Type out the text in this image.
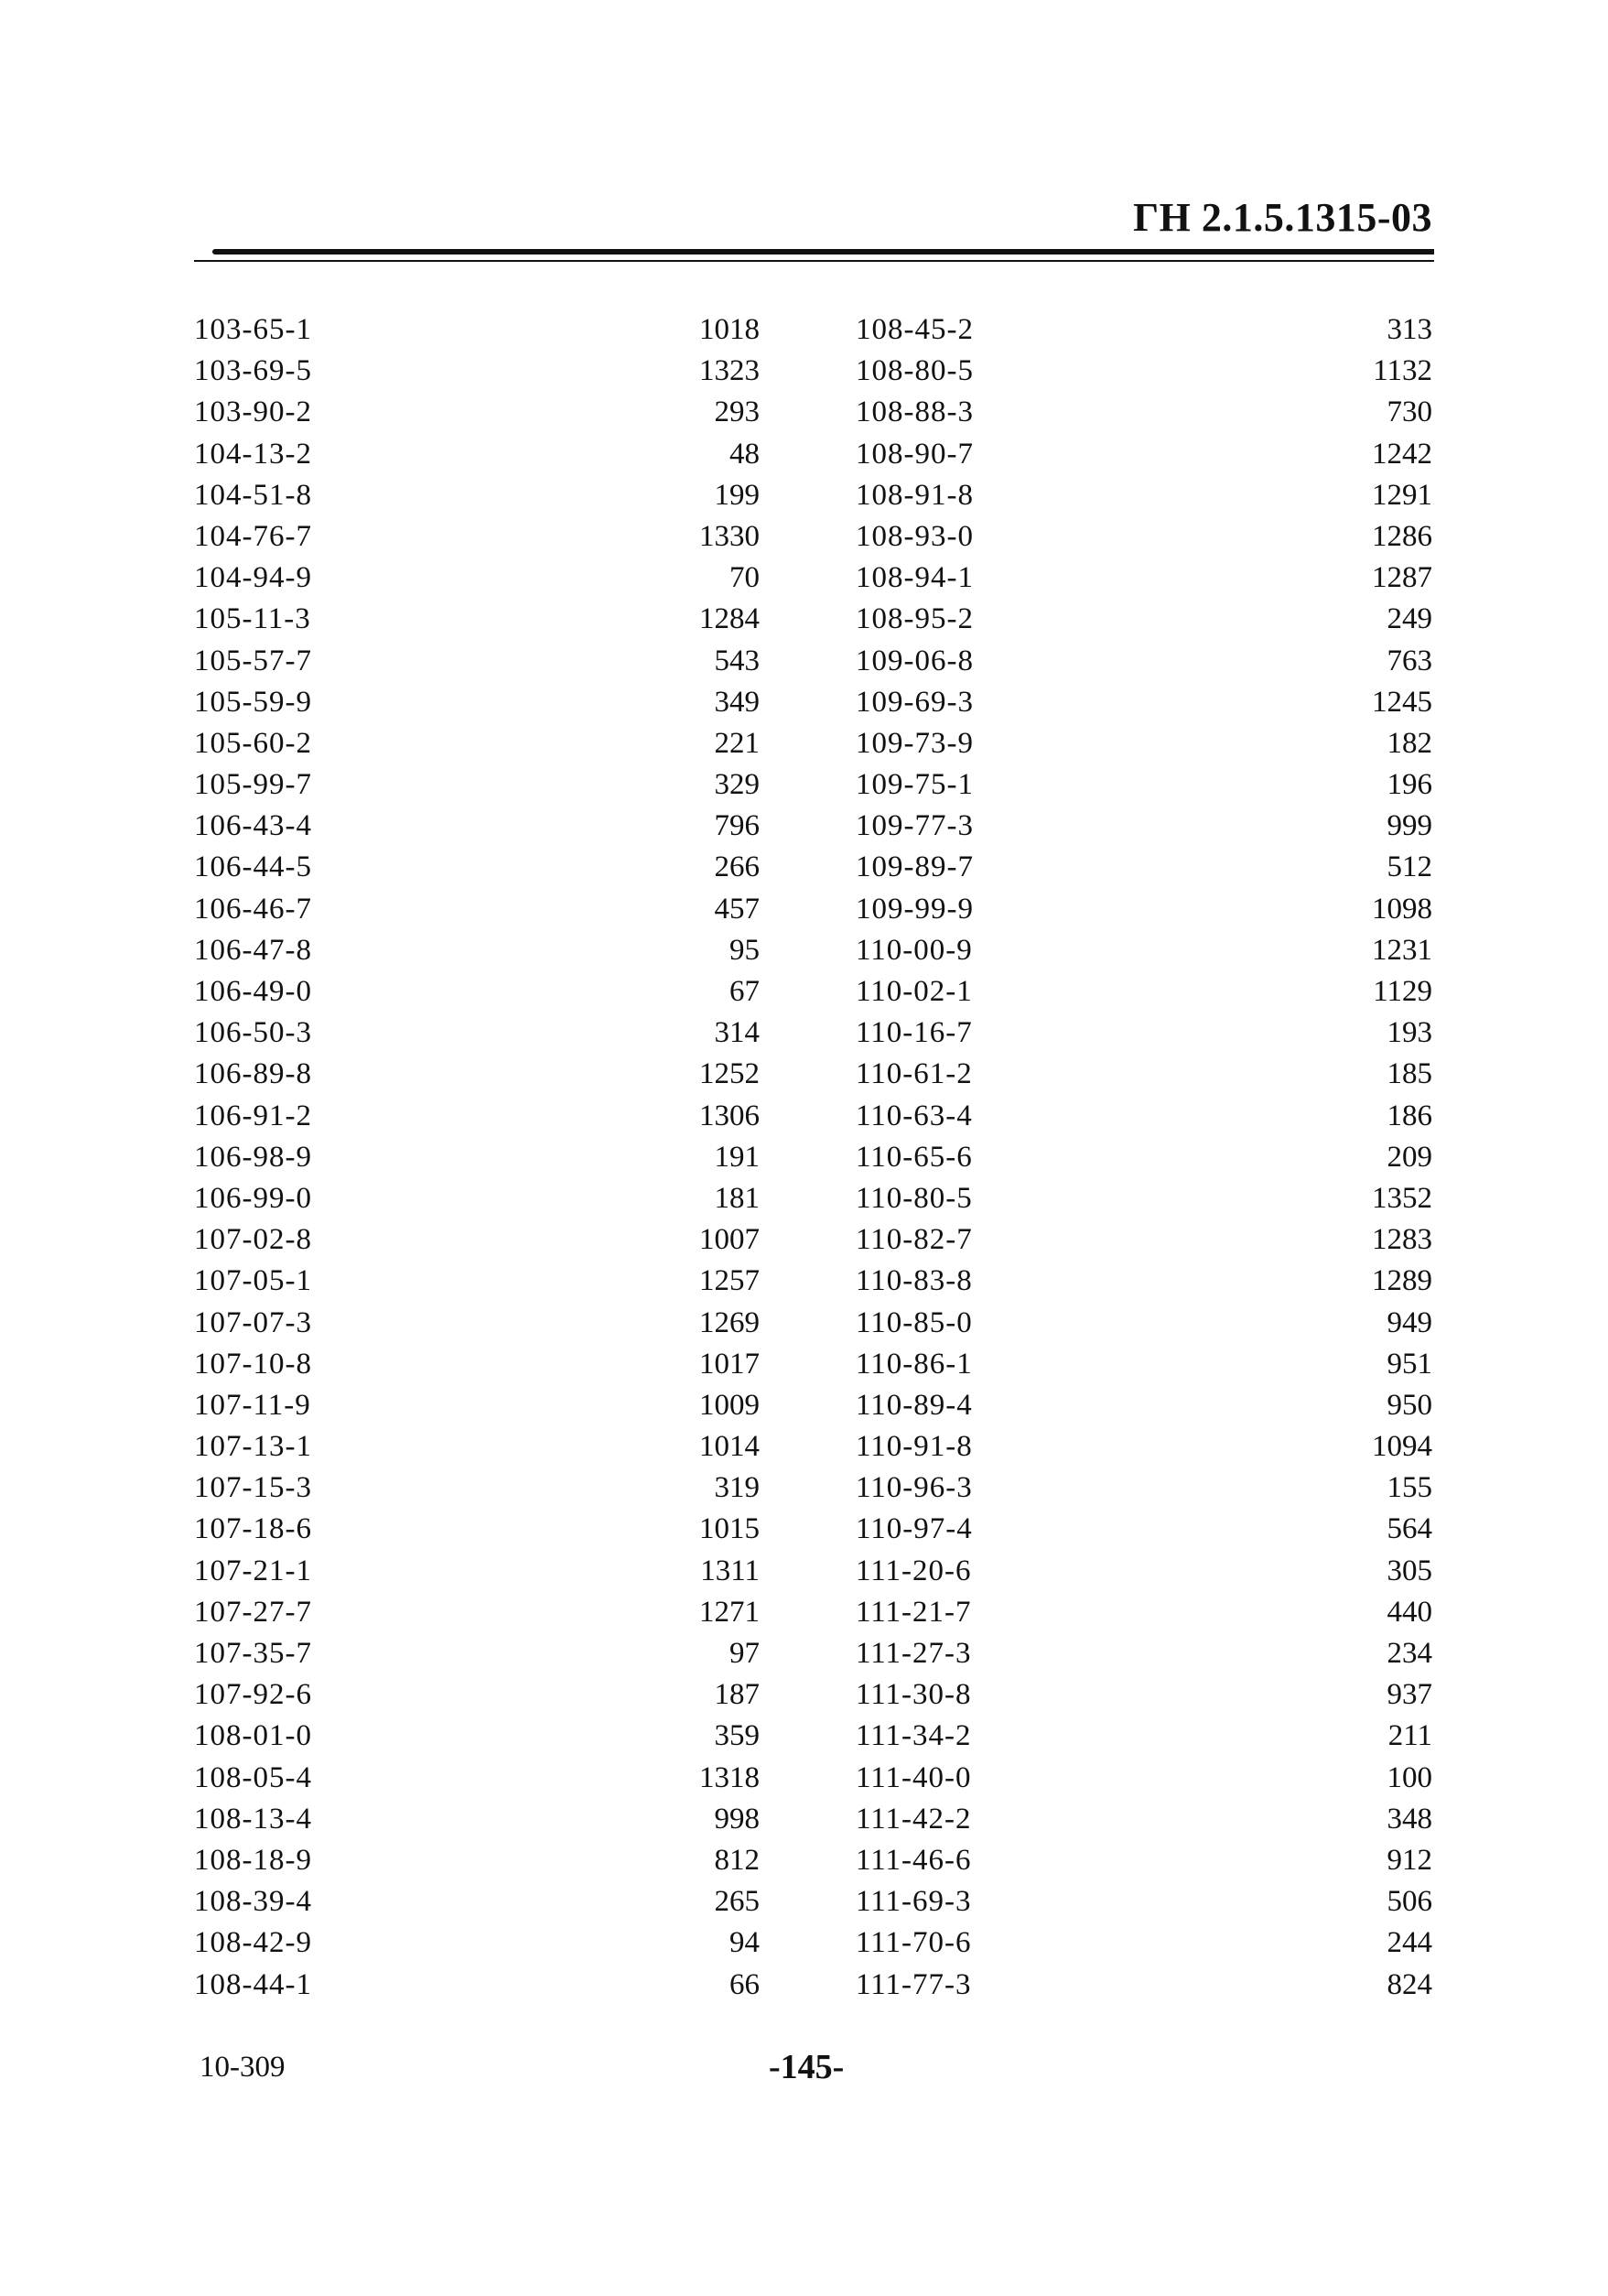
ГН 2.1.5.1315-03
103-65-1
103-69-5
103-90-2
104-13-2
104-51-8
104-76-7
104-94-9
105-11-3
105-57-7
105-59-9
105-60-2
105-99-7
106-43-4
106-44-5
106-46-7
106-47-8
106-49-0
106-50-3
106-89-8
106-91-2
106-98-9
106-99-0
107-02-8
107-05-1
107-07-3
107-10-8
107-11-9
107-13-1
107-15-3
107-18-6
107-21-1
107-27-7
107-35-7
107-92-6
108-01-0
108-05-4
108-13-4
108-18-9
108-39-4
108-42-9
108-44-1
1018
1323
293
48
199
1330
70
1284
543
349
221
329
796
266
457
95
67
314
1252
1306
191
181
1007
1257
1269
1017
1009
1014
319
1015
1311
1271
97
187
359
1318
998
812
265
94
66
108-45-2
108-80-5
108-88-3
108-90-7
108-91-8
108-93-0
108-94-1
108-95-2
109-06-8
109-69-3
109-73-9
109-75-1
109-77-3
109-89-7
109-99-9
110-00-9
110-02-1
110-16-7
110-61-2
110-63-4
110-65-6
110-80-5
110-82-7
110-83-8
110-85-0
110-86-1
110-89-4
110-91-8
110-96-3
110-97-4
111-20-6
111-21-7
111-27-3
111-30-8
111-34-2
111-40-0
111-42-2
111-46-6
111-69-3
111-70-6
111-77-3
313
1132
730
1242
1291
1286
1287
249
763
1245
182
196
999
512
1098
1231
1129
193
185
186
209
1352
1283
1289
949
951
950
1094
155
564
305
440
234
937
211
100
348
912
506
244
824
10-309	-145-
